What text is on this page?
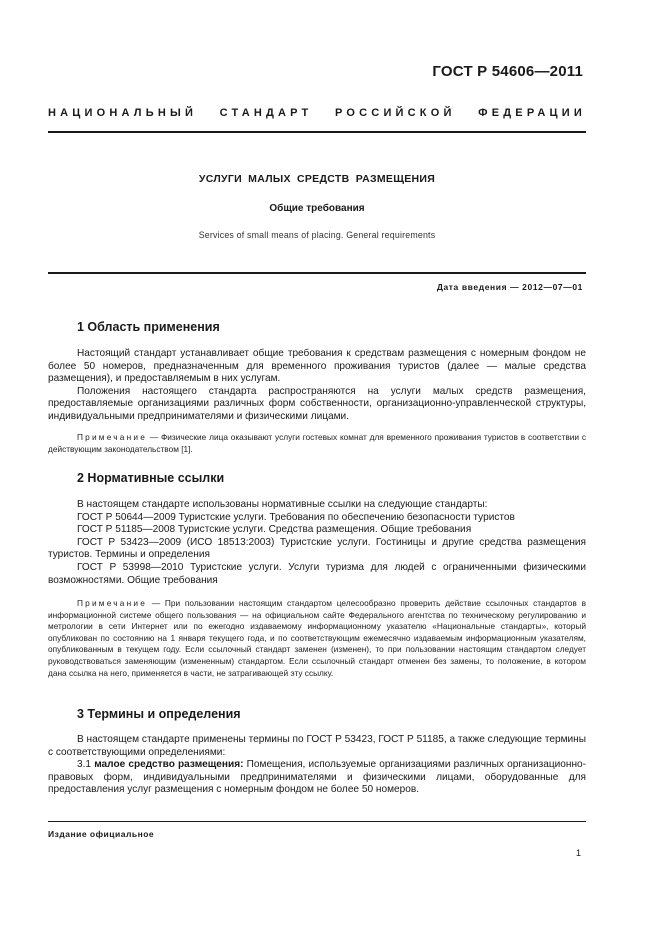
ГОСТ Р 54606—2011
НАЦИОНАЛЬНЫЙ СТАНДАРТ РОССИЙСКОЙ ФЕДЕРАЦИИ
УСЛУГИ МАЛЫХ СРЕДСТВ РАЗМЕЩЕНИЯ
Общие требования
Services of small means of placing. General requirements
Дата введения — 2012—07—01
1 Область применения

Настоящий стандарт устанавливает общие требования к средствам размещения с номерным фондом не более 50 номеров, предназначенным для временного проживания туристов (далее — малые средства размещения), и предоставляемым в них услугам.

Положения настоящего стандарта распространяются на услуги малых средств размещения, предоставляемые организациями различных форм собственности, организационно-управленческой структуры, индивидуальными предпринимателями и физическими лицами.

Примечание — Физические лица оказывают услуги гостевых комнат для временного проживания туристов в соответствии с действующим законодательством [1].

2 Нормативные ссылки

В настоящем стандарте использованы нормативные ссылки на следующие стандарты:

ГОСТ Р 50644—2009 Туристские услуги. Требования по обеспечению безопасности туристов

ГОСТ Р 51185—2008 Туристские услуги. Средства размещения. Общие требования

ГОСТ Р 53423—2009 (ИСО 18513:2003) Туристские услуги. Гостиницы и другие средства размещения туристов. Термины и определения

ГОСТ Р 53998—2010 Туристские услуги. Услуги туризма для людей с ограниченными физическими возможностями. Общие требования

Примечание — При пользовании настоящим стандартом целесообразно проверить действие ссылочных стандартов в информационной системе общего пользования — на официальном сайте Федерального агентства по техническому регулированию и метрологии в сети Интернет или по ежегодно издаваемому информационному указателю «Национальные стандарты», который опубликован по состоянию на 1 января текущего года, и по соответствующим ежемесячно издаваемым информационным указателям, опубликованным в текущем году. Если ссылочный стандарт заменен (изменен), то при пользовании настоящим стандартом следует руководствоваться заменяющим (измененным) стандартом. Если ссылочный стандарт отменен без замены, то положение, в котором дана ссылка на него, применяется в части, не затрагивающей эту ссылку.

3 Термины и определения

В настоящем стандарте применены термины по ГОСТ Р 53423, ГОСТ Р 51185, а также следующие термины с соответствующими определениями:

3.1 малое средство размещения: Помещения, используемые организациями различных организационно-правовых форм, индивидуальными предпринимателями и физическими лицами, оборудованные для предоставления услуг размещения с номерным фондом не более 50 номеров.

Издание официальное
1
